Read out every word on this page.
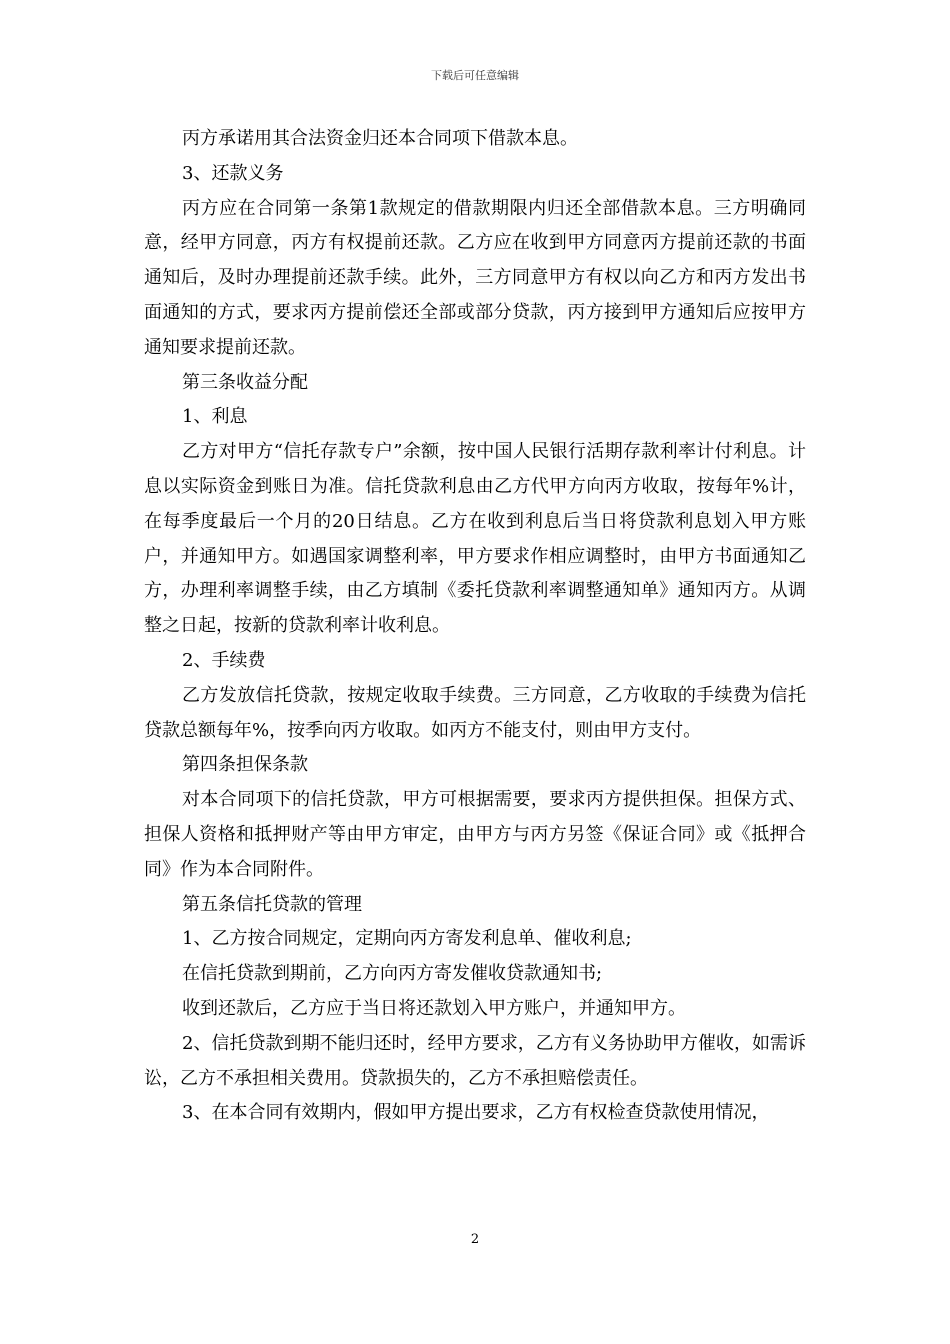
下载后可任意编辑

丙方承诺用其合法资金归还本合同项下借款本息。

3、还款义务

丙方应在合同第一条第1款规定的借款期限内归还全部借款本息。三方明确同意，经甲方同意，丙方有权提前还款。乙方应在收到甲方同意丙方提前还款的书面通知后，及时办理提前还款手续。此外，三方同意甲方有权以向乙方和丙方发出书面通知的方式，要求丙方提前偿还全部或部分贷款，丙方接到甲方通知后应按甲方通知要求提前还款。

第三条收益分配

1、利息

乙方对甲方“信托存款专户”余额，按中国人民银行活期存款利率计付利息。计息以实际资金到账日为准。信托贷款利息由乙方代甲方向丙方收取，按每年%计，在每季度最后一个月的20日结息。乙方在收到利息后当日将贷款利息划入甲方账户，并通知甲方。如遇国家调整利率，甲方要求作相应调整时，由甲方书面通知乙方，办理利率调整手续，由乙方填制《委托贷款利率调整通知单》通知丙方。从调整之日起，按新的贷款利率计收利息。

2、手续费

乙方发放信托贷款，按规定收取手续费。三方同意，乙方收取的手续费为信托贷款总额每年%，按季向丙方收取。如丙方不能支付，则由甲方支付。

第四条担保条款

对本合同项下的信托贷款，甲方可根据需要，要求丙方提供担保。担保方式、担保人资格和抵押财产等由甲方审定，由甲方与丙方另签《保证合同》或《抵押合同》作为本合同附件。

第五条信托贷款的管理

1、乙方按合同规定，定期向丙方寄发利息单、催收利息;

在信托贷款到期前，乙方向丙方寄发催收贷款通知书;

收到还款后，乙方应于当日将还款划入甲方账户，并通知甲方。

2、信托贷款到期不能归还时，经甲方要求，乙方有义务协助甲方催收，如需诉讼，乙方不承担相关费用。贷款损失的，乙方不承担赔偿责任。

3、在本合同有效期内，假如甲方提出要求，乙方有权检查贷款使用情况，

2
